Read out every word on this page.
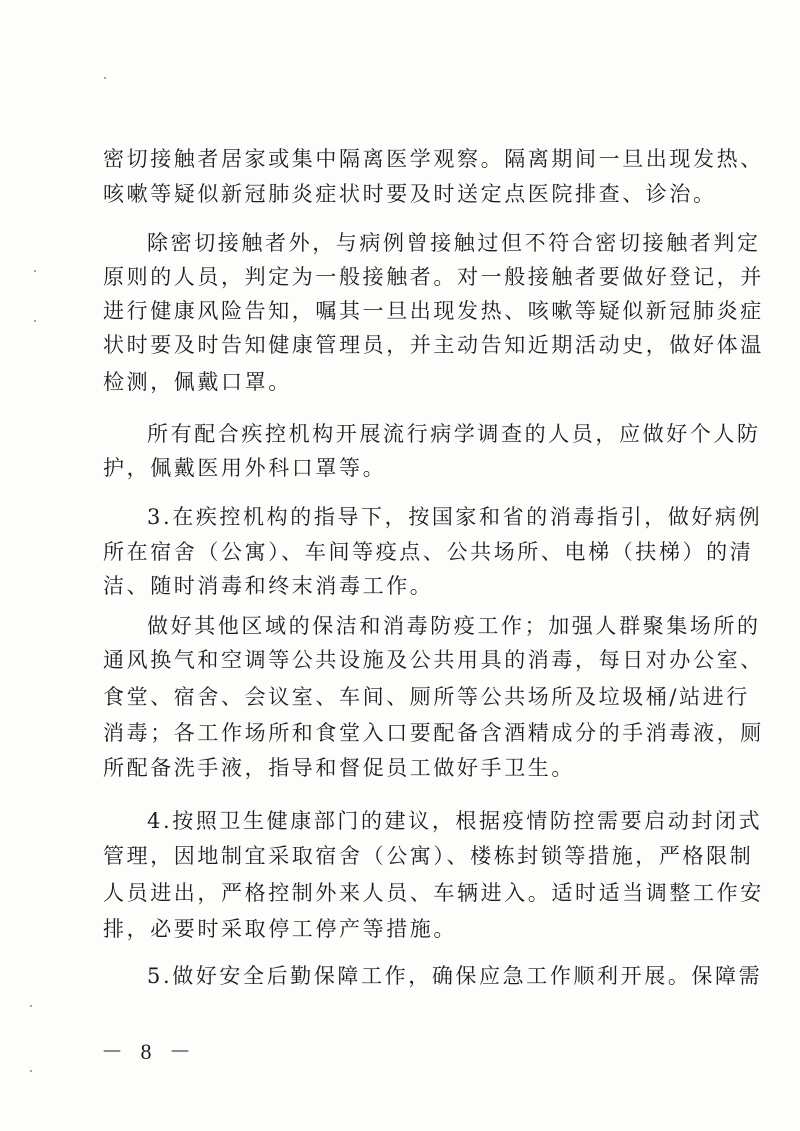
密切接触者居家或集中隔离医学观察。隔离期间一旦出现发热、
咳嗽等疑似新冠肺炎症状时要及时送定点医院排查、诊治。
除密切接触者外，与病例曾接触过但不符合密切接触者判定
原则的人员，判定为一般接触者。对一般接触者要做好登记，并
进行健康风险告知，嘱其一旦出现发热、咳嗽等疑似新冠肺炎症
状时要及时告知健康管理员，并主动告知近期活动史，做好体温
检测，佩戴口罩。
所有配合疾控机构开展流行病学调查的人员，应做好个人防
护，佩戴医用外科口罩等。
3.在疾控机构的指导下，按国家和省的消毒指引，做好病例
所在宿舍（公寓）、车间等疫点、公共场所、电梯（扶梯）的清
洁、随时消毒和终末消毒工作。
做好其他区域的保洁和消毒防疫工作；加强人群聚集场所的
通风换气和空调等公共设施及公共用具的消毒，每日对办公室、
食堂、宿舍、会议室、车间、厕所等公共场所及垃圾桶/站进行
消毒；各工作场所和食堂入口要配备含酒精成分的手消毒液，厕
所配备洗手液，指导和督促员工做好手卫生。
4.按照卫生健康部门的建议，根据疫情防控需要启动封闭式
管理，因地制宜采取宿舍（公寓）、楼栋封锁等措施，严格限制
人员进出，严格控制外来人员、车辆进入。适时适当调整工作安
排，必要时采取停工停产等措施。
5.做好安全后勤保障工作，确保应急工作顺利开展。保障需
－ 8 －
